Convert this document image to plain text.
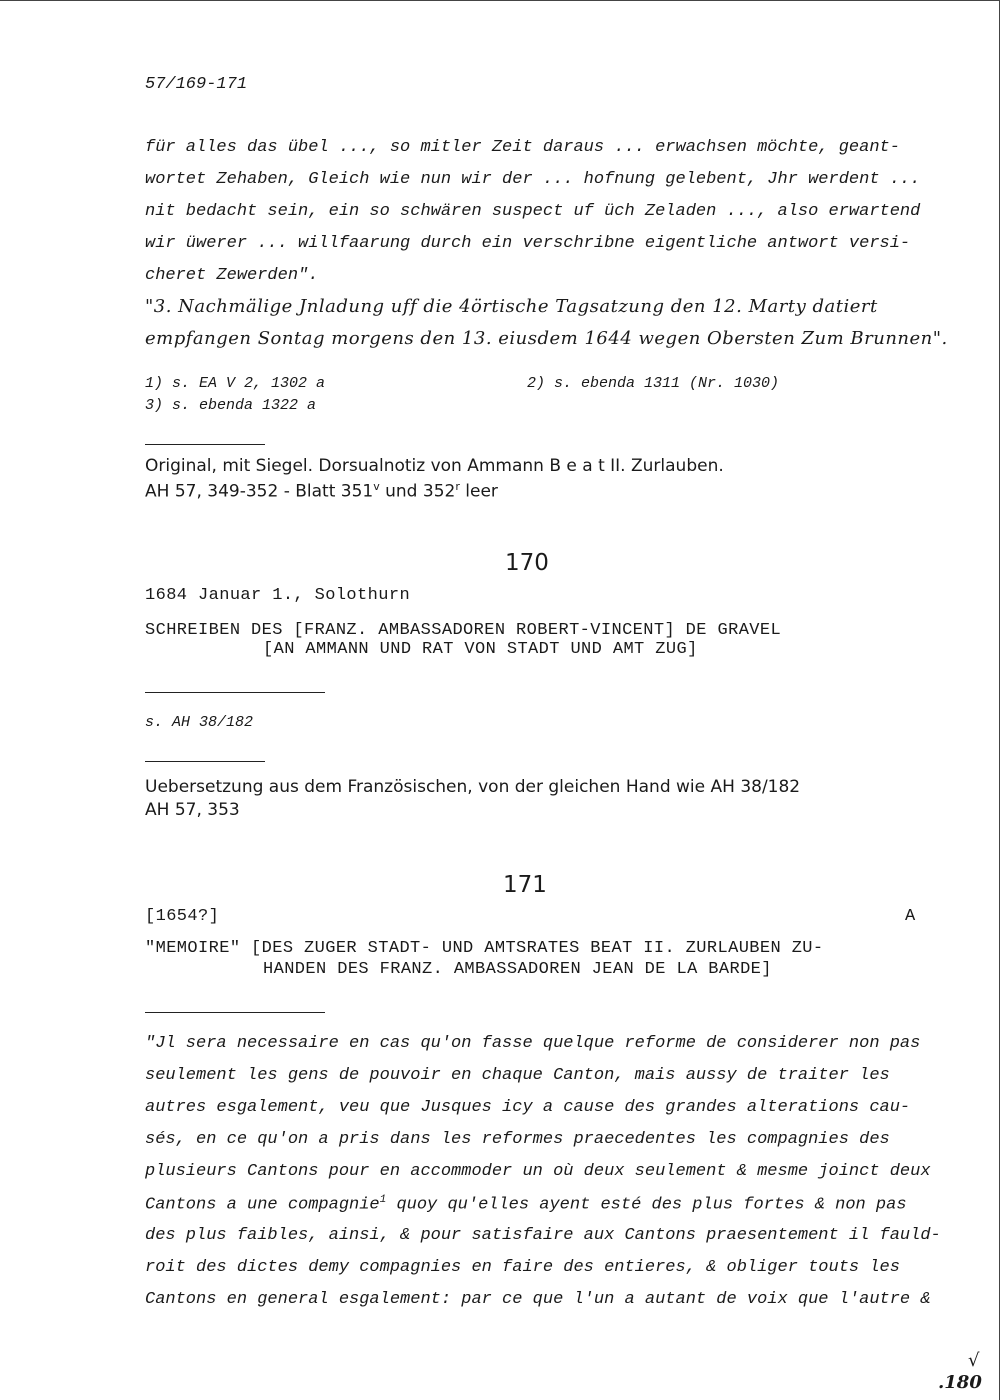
57/169-171
für alles das übel ..., so mitler Zeit daraus ... erwachsen möchte, geant-
wortet Zehaben, Gleich wie nun wir der ... hofnung gelebent, Jhr werdent ...
nit bedacht sein, ein so schwären suspect uf üch Zeladen ..., also erwartend
wir üwerer ... willfaarung durch ein verschribne eigentliche antwort versi-
cheret Zewerden".
"3. Nachmälige Jnladung uff die 4örtische Tagsatzung den 12. Marty datiert
empfangen Sontag morgens den 13. eiusdem 1644 wegen Obersten Zum Brunnen".
1) s. EA V 2, 1302 a	2) s. ebenda 1311 (Nr. 1030)
3) s. ebenda 1322 a
Original, mit Siegel. Dorsualnotiz von Ammann B e a t II. Zurlauben.
AH 57, 349-352 - Blatt 351$^v$ und 352$^r$ leer
170
1684 Januar 1., Solothurn
SCHREIBEN DES [FRANZ. AMBASSADOREN ROBERT-VINCENT] DE GRAVEL
[AN AMMANN UND RAT VON STADT UND AMT ZUG]
s. AH 38/182
Uebersetzung aus dem Französischen, von der gleichen Hand wie AH 38/182
AH 57, 353
171
[1654?]	A
"MEMOIRE" [DES ZUGER STADT- UND AMTSRATES BEAT II. ZURLAUBEN ZU-
HANDEN DES FRANZ. AMBASSADOREN JEAN DE LA BARDE]
"Jl sera necessaire en cas qu'on fasse quelque reforme de considerer non pas
seulement les gens de pouvoir en chaque Canton, mais aussy de traiter les
autres esgalement, veu que Jusques icy a cause des grandes alterations cau-
sés, en ce qu'on a pris dans les reformes praecedentes les compagnies des
plusieurs Cantons pour en accommoder un où deux seulement & mesme joinct deux
Cantons a une compagnie$^1$ quoy qu'elles ayent esté des plus fortes & non pas
des plus faibles, ainsi, & pour satisfaire aux Cantons praesentement il fauld-
roit des dictes demy compagnies en faire des entieres, & obliger touts les
Cantons en general esgalement: par ce que l'un a autant de voix que l'autre &
√
.180
